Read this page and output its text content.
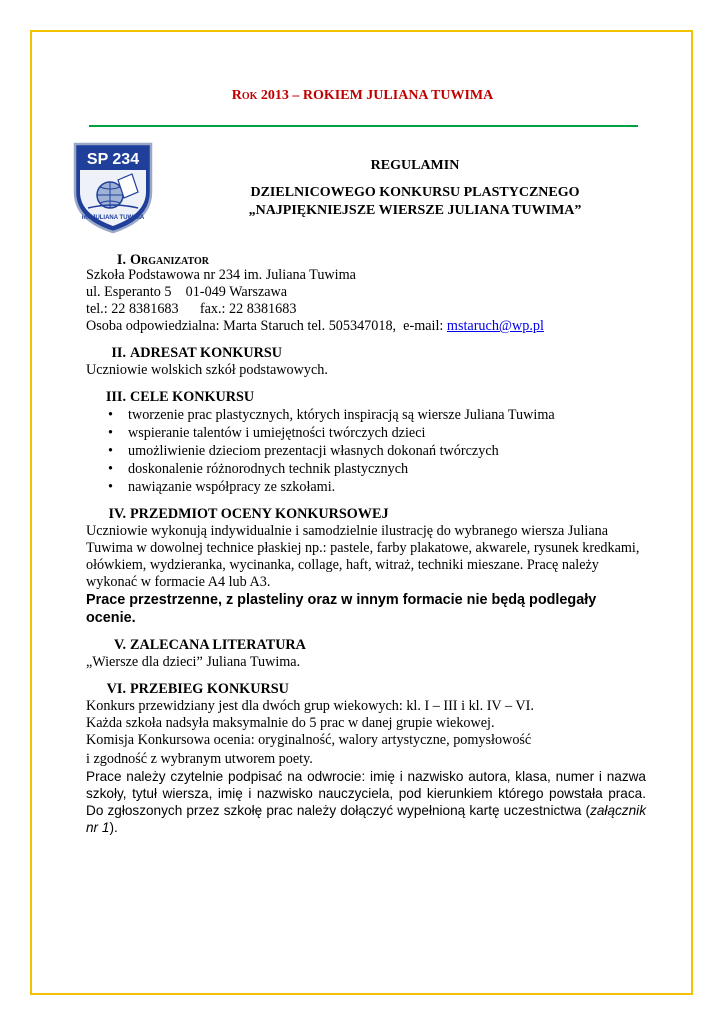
Rok 2013 – ROKIEM JULIANA TUWIMA
SP 234
im. JULIANA TUWIMA
REGULAMIN
DZIELNICOWEGO KONKURSU PLASTYCZNEGO
„NAJPIĘKNIEJSZE WIERSZE JULIANA TUWIMA”
I. Organizator

Szkoła Podstawowa nr 234 im. Juliana Tuwima

ul. Esperanto 5    01-049 Warszawa

tel.: 22 8381683      fax.: 22 8381683

Osoba odpowiedzialna: Marta Staruch tel. 505347018,  e-mail: mstaruch@wp.pl

II. ADRESAT KONKURSU

Uczniowie wolskich szkół podstawowych.

III. CELE KONKURSU
• tworzenie prac plastycznych, których inspiracją są wiersze Juliana Tuwima
• wspieranie talentów i umiejętności twórczych dzieci
• umożliwienie dzieciom prezentacji własnych dokonań twórczych
• doskonalenie różnorodnych technik plastycznych
• nawiązanie współpracy ze szkołami.
IV. PRZEDMIOT OCENY KONKURSOWEJ

Uczniowie wykonują indywidualnie i samodzielnie ilustrację do wybranego wiersza Juliana Tuwima w dowolnej technice płaskiej np.: pastele, farby plakatowe, akwarele, rysunek kredkami, ołówkiem, wydzieranka, wycinanka, collage, haft, witraż, techniki mieszane. Pracę należy wykonać w formacie A4 lub A3.

Prace przestrzenne, z plasteliny oraz w innym formacie nie będą podlegały ocenie.

V. ZALECANA LITERATURA

„Wiersze dla dzieci” Juliana Tuwima.

VI. PRZEBIEG KONKURSU

Konkurs przewidziany jest dla dwóch grup wiekowych: kl. I – III i kl. IV – VI.

Każda szkoła nadsyła maksymalnie do 5 prac w danej grupie wiekowej.

Komisja Konkursowa ocenia: oryginalność, walory artystyczne, pomysłowość

i zgodność z wybranym utworem poety.

Prace należy czytelnie podpisać na odwrocie: imię i nazwisko autora, klasa, numer i nazwa szkoły, tytuł wiersza, imię i nazwisko nauczyciela, pod kierunkiem którego powstała praca. Do zgłoszonych przez szkołę prac należy dołączyć wypełnioną kartę uczestnictwa (załącznik nr 1).
